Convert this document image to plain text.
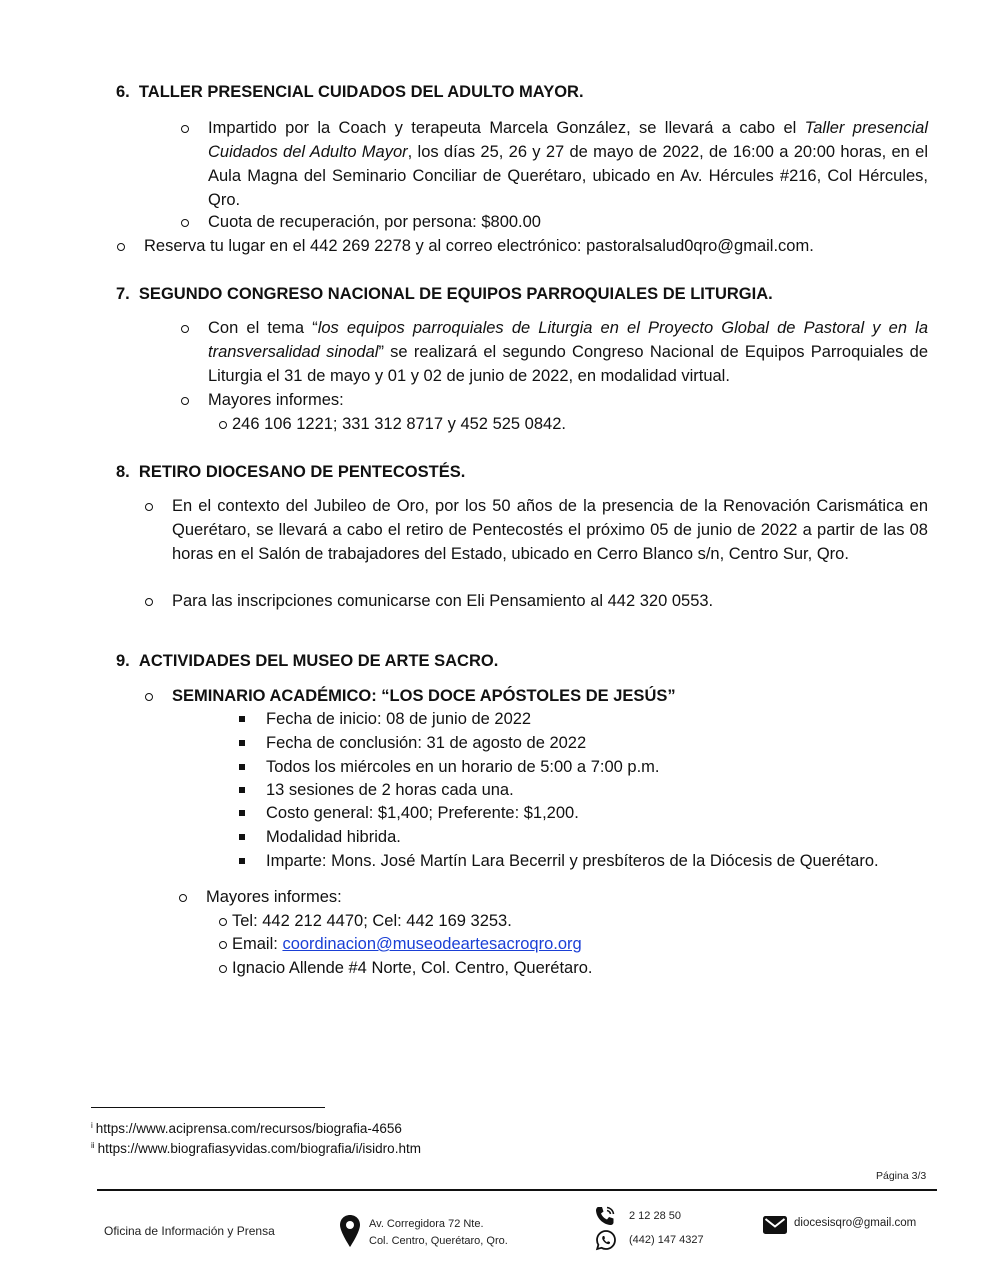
6.  TALLER PRESENCIAL CUIDADOS DEL ADULTO MAYOR.
Impartido por la Coach y terapeuta Marcela González, se llevará a cabo el Taller presencial Cuidados del Adulto Mayor, los días 25, 26 y 27 de mayo de 2022, de 16:00 a 20:00 horas, en el Aula Magna del Seminario Conciliar de Querétaro, ubicado en Av. Hércules #216, Col Hércules, Qro.
Cuota de recuperación, por persona: $800.00
Reserva tu lugar en el 442 269 2278 y al correo electrónico: pastoralsalud0qro@gmail.com.
7.  SEGUNDO CONGRESO NACIONAL DE EQUIPOS PARROQUIALES DE LITURGIA.
Con el tema “los equipos parroquiales de Liturgia en el Proyecto Global de Pastoral y en la transversalidad sinodal” se realizará el segundo Congreso Nacional de Equipos Parroquiales de Liturgia el 31 de mayo y 01 y 02 de junio de 2022, en modalidad virtual.
Mayores informes:
246 106 1221; 331 312 8717 y 452 525 0842.
8.  RETIRO DIOCESANO DE PENTECOSTÉS.
En el contexto del Jubileo de Oro, por los 50 años de la presencia de la Renovación Carismática en Querétaro, se llevará a cabo el retiro de Pentecostés el próximo 05 de junio de 2022 a partir de las 08 horas en el Salón de trabajadores del Estado, ubicado en Cerro Blanco s/n, Centro Sur, Qro.
Para las inscripciones comunicarse con Eli Pensamiento al 442 320 0553.
9.  ACTIVIDADES DEL MUSEO DE ARTE SACRO.
SEMINARIO ACADÉMICO: “LOS DOCE APÓSTOLES DE JESÚS”
Fecha de inicio: 08 de junio de 2022
Fecha de conclusión: 31 de agosto de 2022
Todos los miércoles en un horario de 5:00 a 7:00 p.m.
13 sesiones de 2 horas cada una.
Costo general: $1,400; Preferente: $1,200.
Modalidad hibrida.
Imparte: Mons. José Martín Lara Becerril y presbíteros de la Diócesis de Querétaro.
Mayores informes:
Tel: 442 212 4470; Cel: 442 169 3253.
Email: coordinacion@museodeartesacroqro.org
Ignacio Allende #4 Norte, Col. Centro, Querétaro.
$^i$ https://www.aciprensa.com/recursos/biografia-4656
$^{ii}$ https://www.biografiasyvidas.com/biografia/i/isidro.htm
Página 3/3
Oficina de Información y Prensa	Av. Corregidora 72 Nte.
Col. Centro, Querétaro, Qro.
2 12 28 50
(442) 147 4327
diocesisqro@gmail.com
